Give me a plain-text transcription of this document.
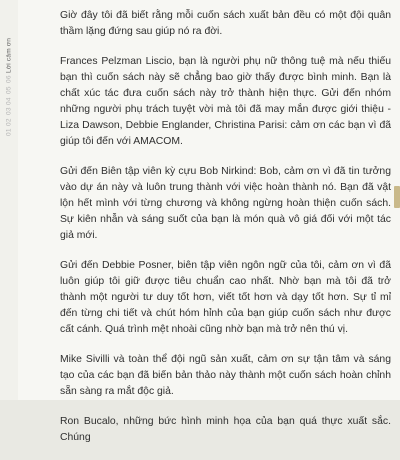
01
02
03
04
05
06
Lời cảm ơn

Giờ đây tôi đã biết rằng mỗi cuốn sách xuất bản đều có một đội quân thầm lặng đứng sau giúp nó ra đời.

Frances Pelzman Liscio, bạn là người phụ nữ thông tuệ mà nếu thiếu bạn thì cuốn sách này sẽ chẳng bao giờ thấy được bình minh. Bạn là chất xúc tác đưa cuốn sách này trở thành hiện thực. Gửi đến nhóm những người phụ trách tuyệt vời mà tôi đã may mắn được giới thiệu - Liza Dawson, Debbie Englander, Christina Parisi: cảm ơn các bạn vì đã giúp tôi đến với AMACOM.

Gửi đến Biên tập viên kỳ cựu Bob Nirkind: Bob, cảm ơn vì đã tin tưởng vào dự án này và luôn trung thành với việc hoàn thành nó. Bạn đã vật lộn hết mình với từng chương và không ngừng hoàn thiện cuốn sách. Sự kiên nhẫn và sáng suốt của bạn là món quà vô giá đối với một tác giả mới.

Gửi đến Debbie Posner, biên tập viên ngôn ngữ của tôi, cảm ơn vì đã luôn giúp tôi giữ được tiêu chuẩn cao nhất. Nhờ bạn mà tôi đã trở thành một người tư duy tốt hơn, viết tốt hơn và dạy tốt hơn. Sự tỉ mỉ đến từng chi tiết và chút hóm hỉnh của bạn giúp cuốn sách như được cất cánh. Quá trình mệt nhoài cũng nhờ bạn mà trở nên thú vị.

Mike Sivilli và toàn thể đội ngũ sản xuất, cảm ơn sự tận tâm và sáng tạo của các bạn đã biến bản thảo này thành một cuốn sách hoàn chỉnh sẵn sàng ra mắt độc giả.

Ron Bucalo, những bức hình minh họa của bạn quá thực xuất sắc. Chúng
